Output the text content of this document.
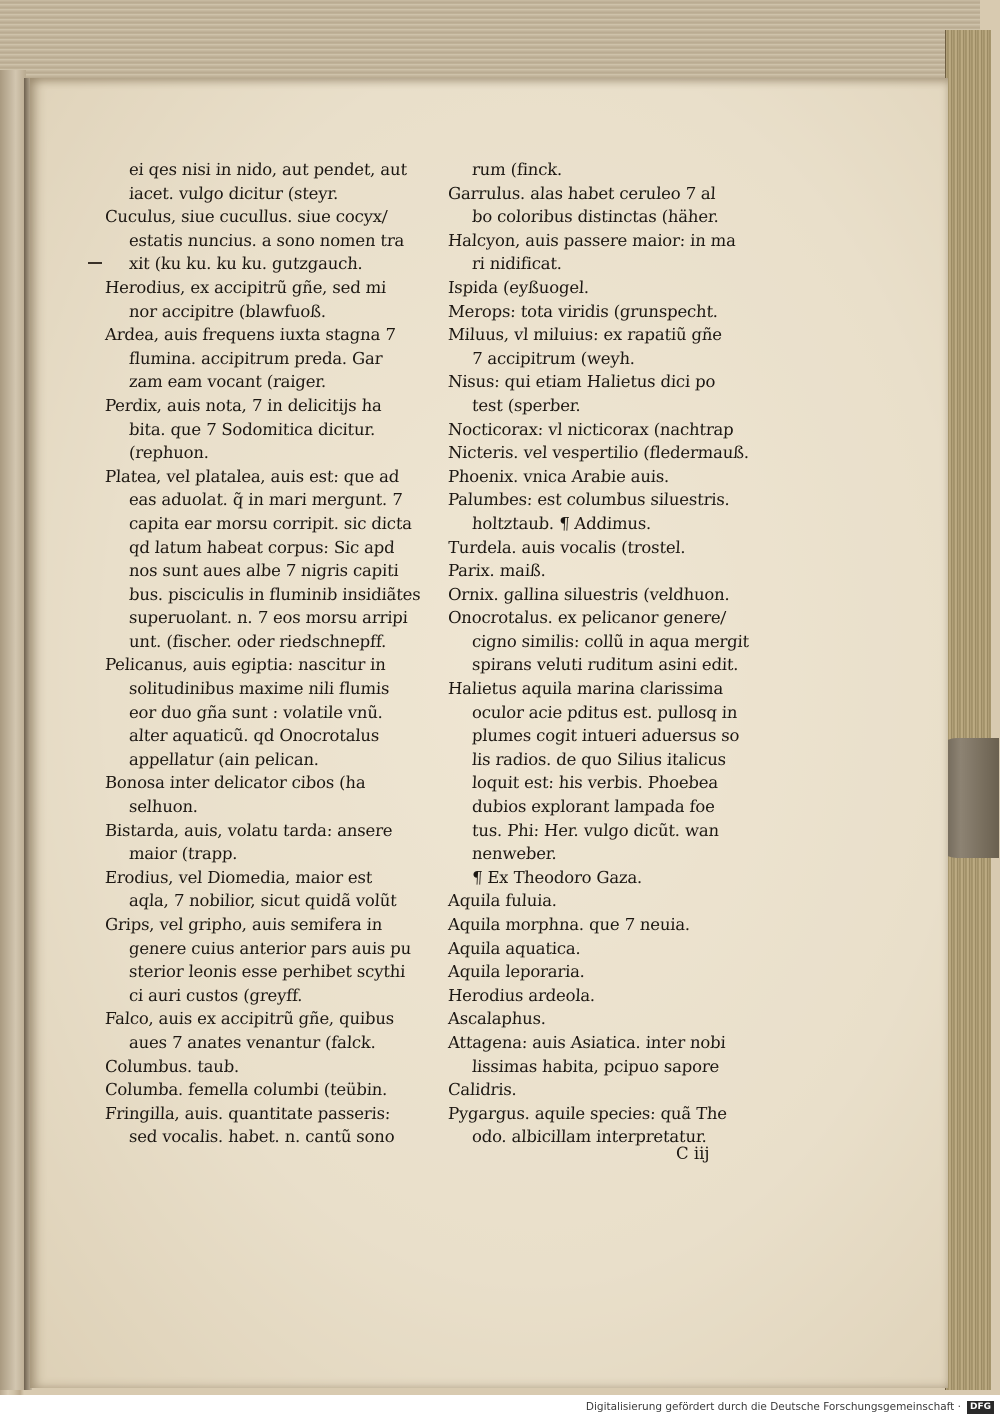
ei qes nisi in nido, aut pendet, aut
iacet. vulgo dicitur (steyr.
Cuculus, siue cucullus. siue cocyx/
estatis nuncius. a sono nomen tra
xit (ku ku. ku ku. gutzgauch.
Herodius, ex accipitrũ gñe, sed mi
nor accipitre (blawfuoß.
Ardea, auis frequens iuxta stagna 7
flumina. accipitrum preda. Gar
zam eam vocant (raiger.
Perdix, auis nota, 7 in delicitijs ha
bita. que 7 Sodomitica dicitur.
(rephuon.
Platea, vel platalea, auis est: que ad
eas aduolat. q̃ in mari mergunt. 7
capita ear morsu corripit. sic dicta
qd latum habeat corpus: Sic apd
nos sunt aues albe 7 nigris capiti
bus. pisciculis in fluminib insidiãtes
superuolant. n. 7 eos morsu arripi
unt. (fischer. oder riedschnepff.
Pelicanus, auis egiptia: nascitur in
solitudinibus maxime nili flumis
eor duo gña sunt : volatile vnũ.
alter aquaticũ. qd Onocrotalus
appellatur (ain pelican.
Bonosa inter delicator cibos (ha
selhuon.
Bistarda, auis, volatu tarda: ansere
maior (trapp.
Erodius, vel Diomedia, maior est
aqla, 7 nobilior, sicut quidã volũt
Grips, vel gripho, auis semifera in
genere cuius anterior pars auis pu
sterior leonis esse perhibet scythi
ci auri custos (greyff.
Falco, auis ex accipitrũ gñe, quibus
aues 7 anates venantur (falck.
Columbus. taub.
Columba. femella columbi (teübin.
Fringilla, auis. quantitate passeris:
sed vocalis. habet. n. cantũ sono
rum (finck.
Garrulus. alas habet ceruleo 7 al
bo coloribus distinctas (häher.
Halcyon, auis passere maior: in ma
ri nidificat.
Ispida (eyßuogel.
Merops: tota viridis (grunspecht.
Miluus, vl miluius: ex rapatiũ gñe
7 accipitrum (weyh.
Nisus: qui etiam Halietus dici po
test (sperber.
Nocticorax: vl nicticorax (nachtrap
Nicteris. vel vespertilio (fledermauß.
Phoenix. vnica Arabie auis.
Palumbes: est columbus siluestris.
holtztaub. ¶ Addimus.
Turdela. auis vocalis (trostel.
Parix. maiß.
Ornix. gallina siluestris (veldhuon.
Onocrotalus. ex pelicanor genere/
cigno similis: collũ in aqua mergit
spirans veluti ruditum asini edit.
Halietus aquila marina clarissima
oculor acie pditus est. pullosq in
plumes cogit intueri aduersus so
lis radios. de quo Silius italicus
loquit est: his verbis. Phoebea
dubios explorant lampada foe
tus. Phi: Her. vulgo dicũt. wan
nenweber.
¶ Ex Theodoro Gaza.
Aquila fuluia.
Aquila morphna. que 7 neuia.
Aquila aquatica.
Aquila leporaria.
Herodius ardeola.
Ascalaphus.
Attagena: auis Asiatica. inter nobi
lissimas habita, pcipuo sapore
Calidris.
Pygargus. aquile species: quã The
odo. albicillam interpretatur.
C iij
Digitalisierung gefördert durch die Deutsche Forschungsgemeinschaft ·	DFG
